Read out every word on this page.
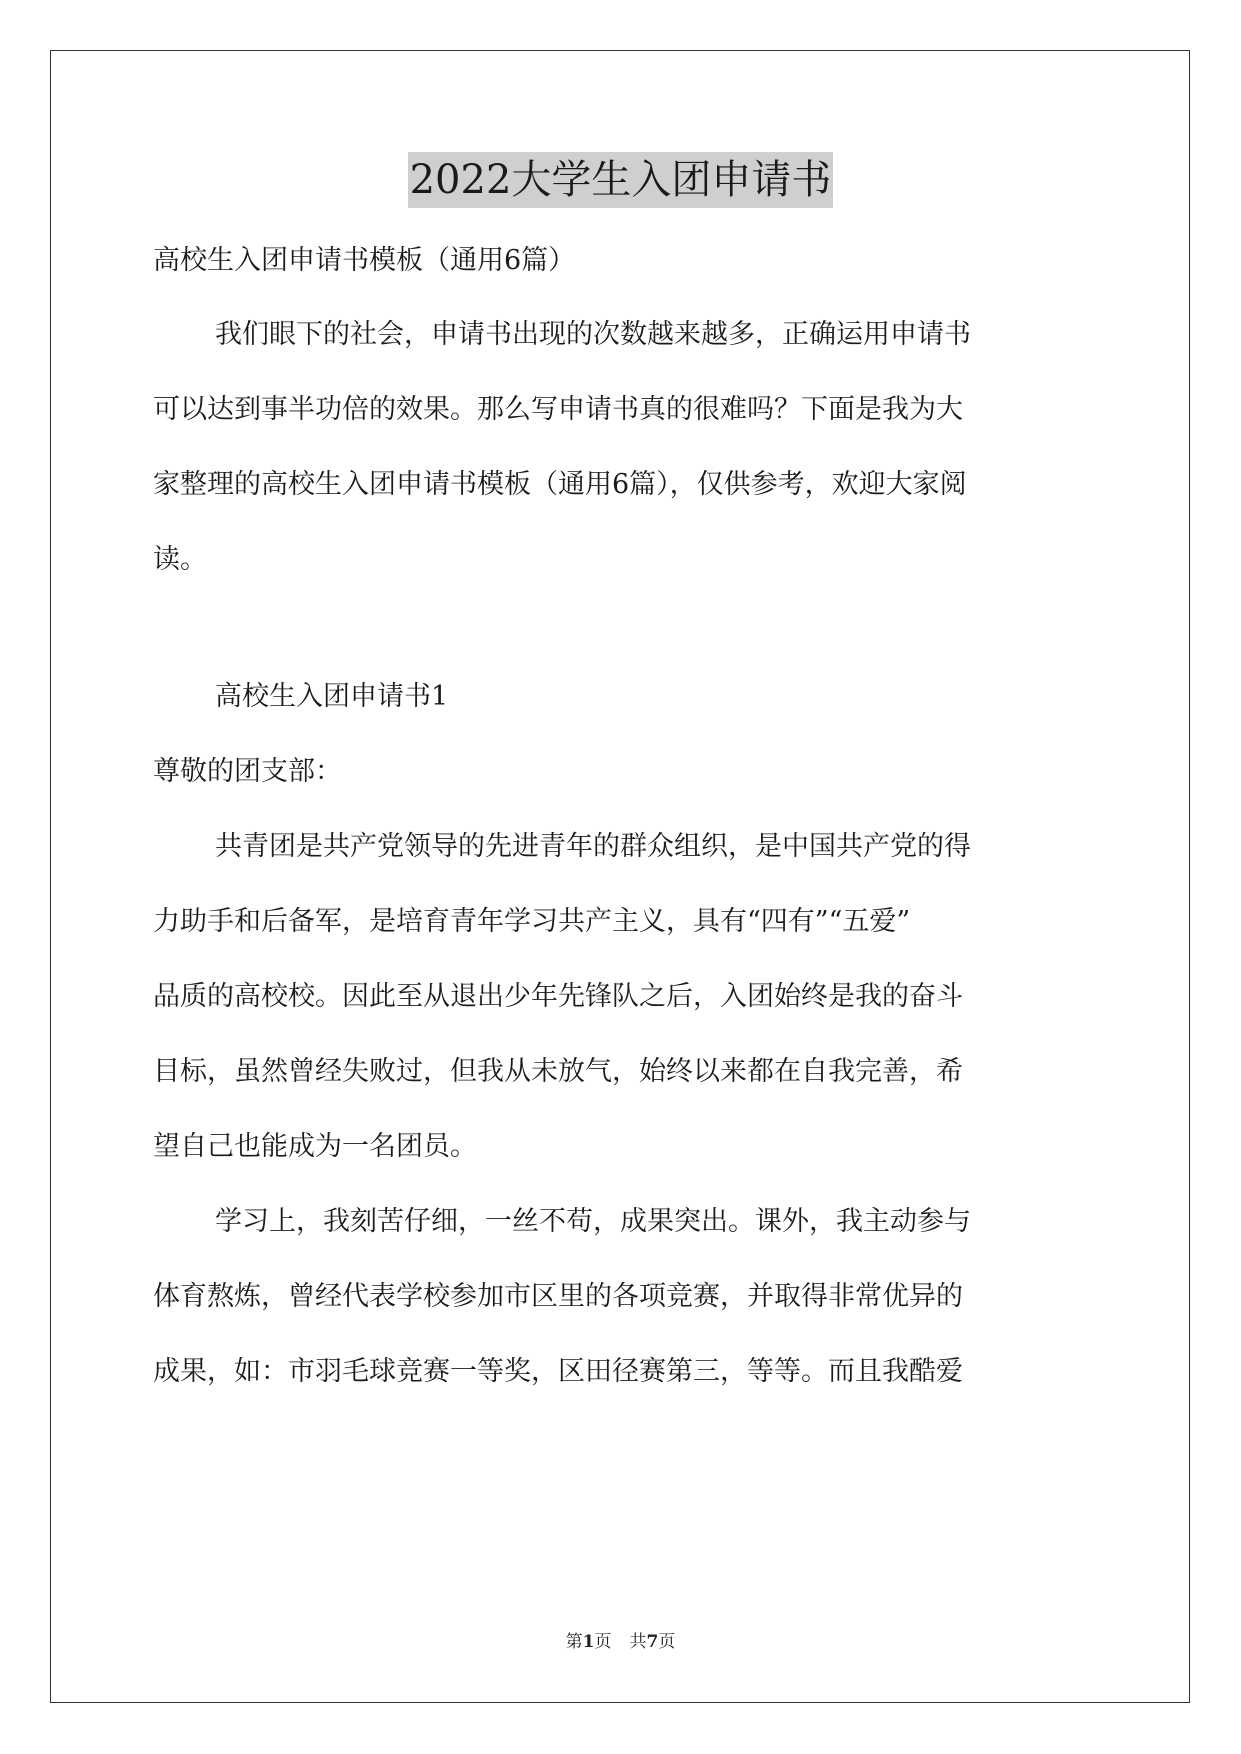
2022大学生入团申请书
高校生入团申请书模板（通用6篇）
我们眼下的社会，申请书出现的次数越来越多，正确运用申请书
可以达到事半功倍的效果。那么写申请书真的很难吗？下面是我为大
家整理的高校生入团申请书模板（通用6篇），仅供参考，欢迎大家阅
读。
高校生入团申请书1
尊敬的团支部：
共青团是共产党领导的先进青年的群众组织，是中国共产党的得
力助手和后备军，是培育青年学习共产主义，具有“四有”“五爱”
品质的高校校。因此至从退出少年先锋队之后，入团始终是我的奋斗
目标，虽然曾经失败过，但我从未放气，始终以来都在自我完善，希
望自己也能成为一名团员。
学习上，我刻苦仔细，一丝不苟，成果突出。课外，我主动参与
体育熬炼，曾经代表学校参加市区里的各项竞赛，并取得非常优异的
成果，如：市羽毛球竞赛一等奖，区田径赛第三，等等。而且我酷爱
第1页 共7页
